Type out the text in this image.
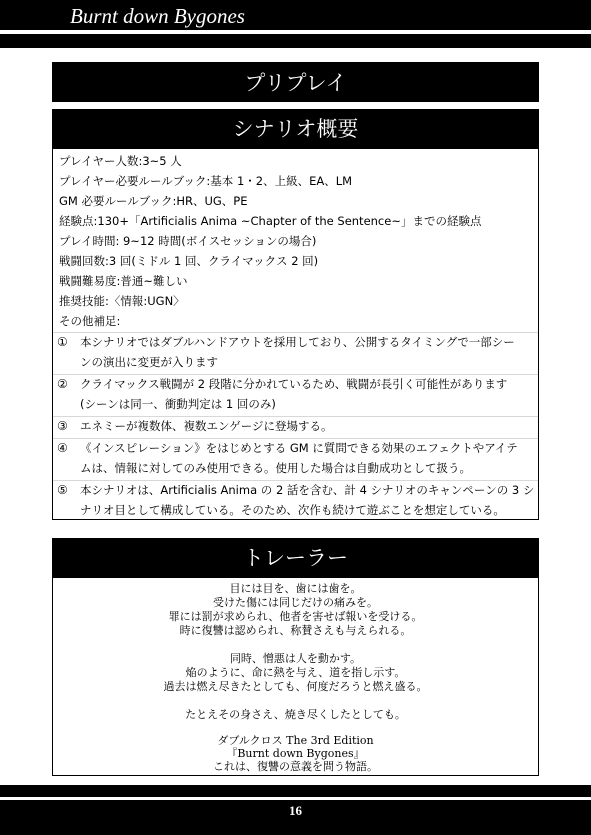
Burnt down Bygones
プリプレイ
シナリオ概要
プレイヤー人数:3~5 人
プレイヤー必要ルールブック:基本 1・2、上級、EA、LM
GM 必要ルールブック:HR、UG、PE
経験点:130+「Artificialis Anima ~Chapter of the Sentence~」までの経験点
プレイ時間: 9~12 時間(ボイスセッションの場合)
戦闘回数:3 回(ミドル 1 回、クライマックス 2 回)
戦闘難易度:普通~難しい
推奨技能:〈情報:UGN〉
その他補足:
① 本シナリオではダブルハンドアウトを採用しており、公開するタイミングで一部シー
ンの演出に変更が入ります
② クライマックス戦闘が 2 段階に分かれているため、戦闘が長引く可能性があります
(シーンは同一、衝動判定は 1 回のみ)
③ エネミーが複数体、複数エンゲージに登場する。
④ 《インスピレーション》をはじめとする GM に質問できる効果のエフェクトやアイテ
ムは、情報に対してのみ使用できる。使用した場合は自動成功として扱う。
⑤ 本シナリオは、Artificialis Anima の 2 話を含む、計 4 シナリオのキャンペーンの 3 シ
ナリオ目として構成している。そのため、次作も続けて遊ぶことを想定している。
トレーラー
目には目を、歯には歯を。
受けた傷には同じだけの痛みを。
罪には罰が求められ、他者を害せば報いを受ける。
時に復讐は認められ、称賛さえも与えられる。
同時、憎悪は人を動かす。
焔のように、命に熱を与え、道を指し示す。
過去は燃え尽きたとしても、何度だろうと燃え盛る。
たとえその身さえ、焼き尽くしたとしても。
ダブルクロス The 3rd Edition
『Burnt down Bygones』
これは、復讐の意義を問う物語。
16
